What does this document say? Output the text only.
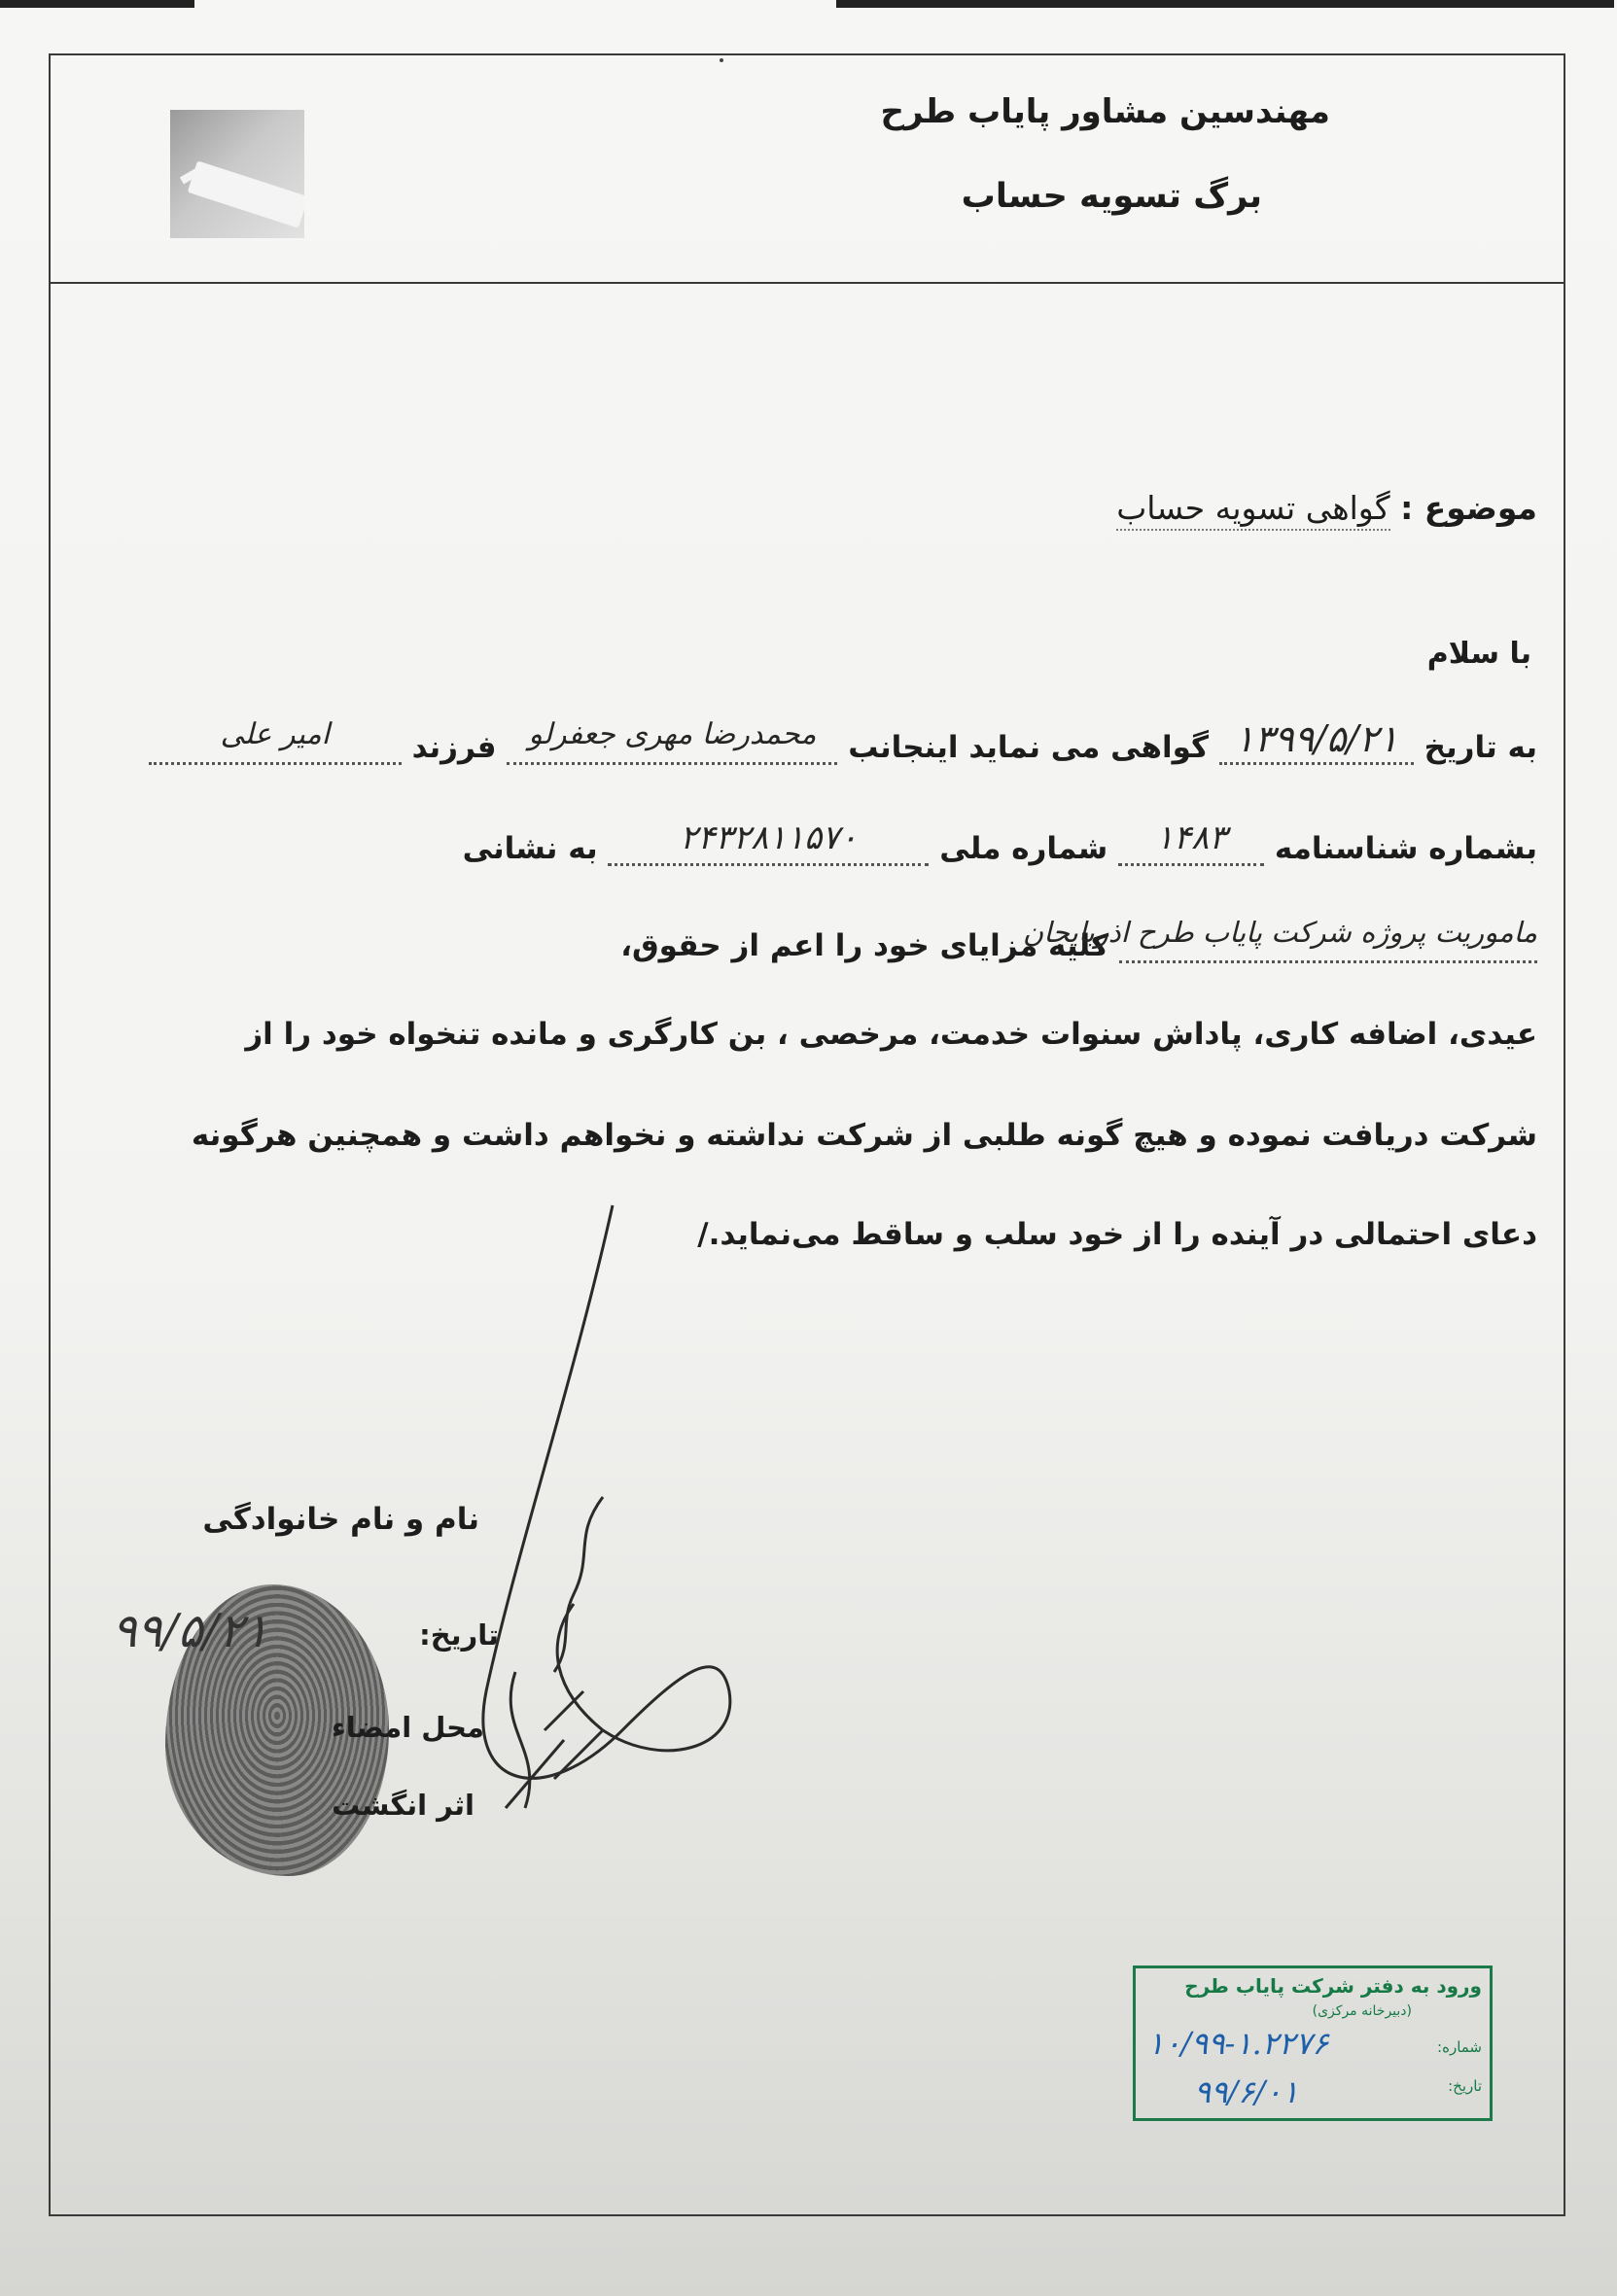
مهندسین مشاور پایاب طرح
برگ تسویه حساب
موضوع : گواهی تسویه حساب
با سلام
به تاریخ ۱۳۹۹/۵/۲۱ گواهی می نماید اینجانب محمدرضا مهری جعفرلو فرزند امیر علی
بشماره شناسنامه ۱۴۸۳ شماره ملی ۲۴۳۲۸۱۱۵۷۰ به نشانی
ماموریت پروژه شرکت پایاب طرح اذربایجان کلیه مزایای خود را اعم از حقوق،
عیدی، اضافه کاری، پاداش سنوات خدمت، مرخصی ، بن کارگری و مانده تنخواه خود را از
شرکت دریافت نموده و هیچ گونه طلبی از شرکت نداشته و نخواهم داشت و همچنین هرگونه
دعای احتمالی در آینده را از خود سلب و ساقط می‌نماید./
نام و نام خانوادگی
تاریخ:
۹۹/۵/۲۱
محل امضاء
اثر انگشت
ورود به دفتر شرکت پایاب طرح
(دبیرخانه مرکزی)
شماره:
۱۰/۹۹-۱.۲۲۷۶
تاریخ:
۹۹/۶/۰۱
